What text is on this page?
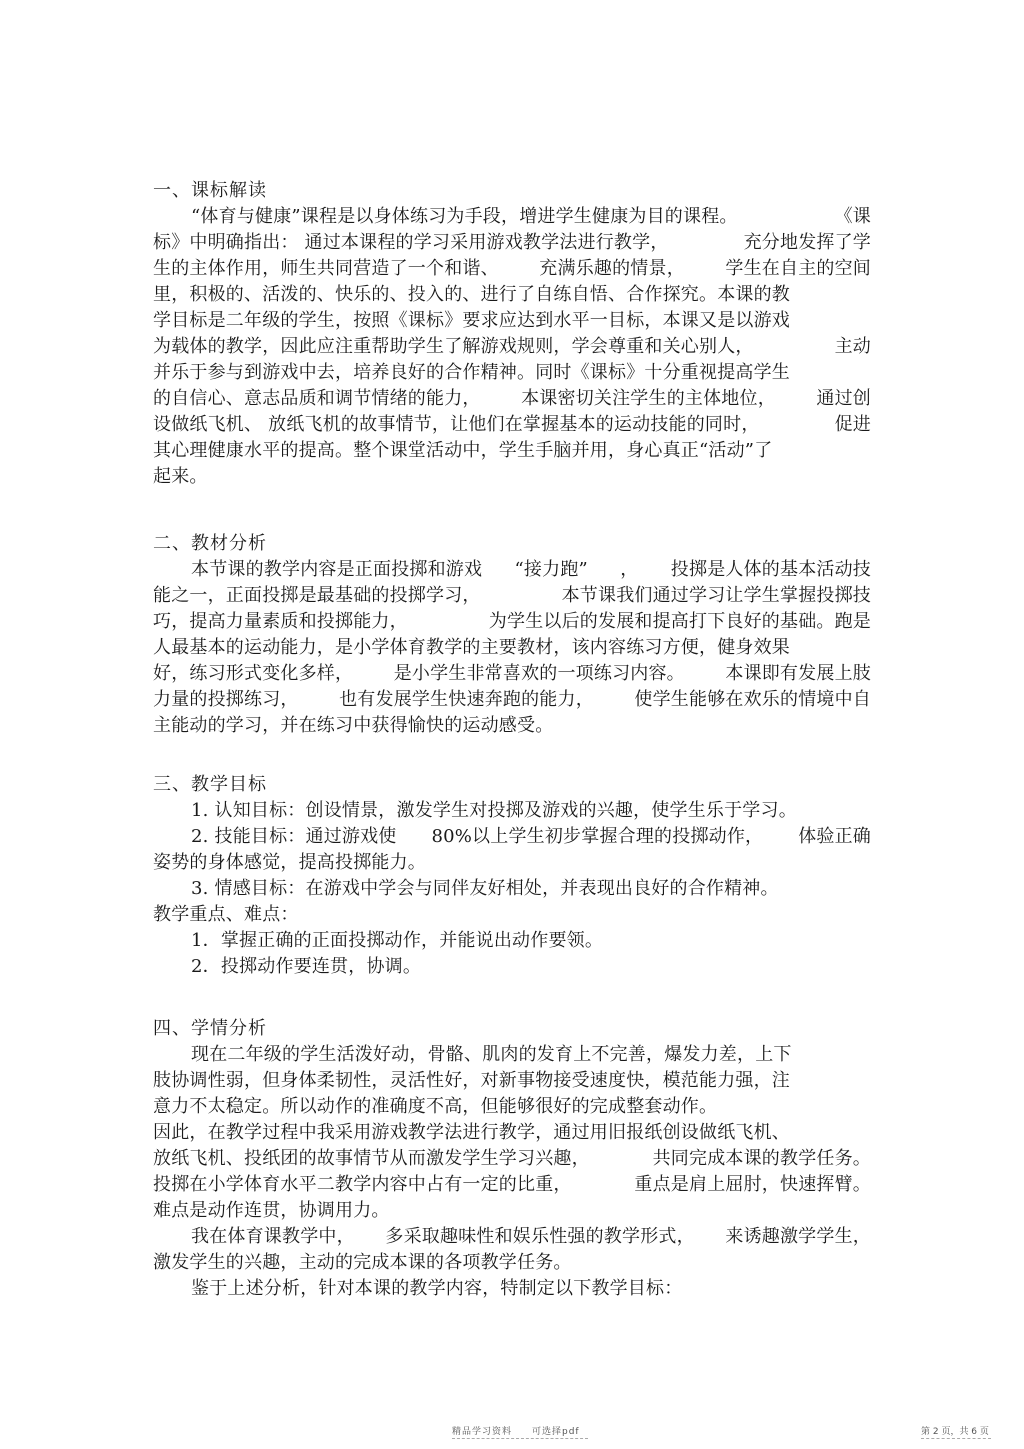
一、课标解读
“体育与健康”课程是以身体练习为手段，增进学生健康为目的课程。	《课
标》中明确指出： 通过本课程的学习采用游戏教学法进行教学，	充分地发挥了学
生的主体作用，师生共同营造了一个和谐、 充满乐趣的情景， 学生在自主的空间
里，积极的、活泼的、快乐的、投入的、进行了自练自悟、合作探究。本课的教
学目标是二年级的学生，按照《课标》要求应达到水平一目标，本课又是以游戏
为载体的教学，因此应注重帮助学生了解游戏规则，学会尊重和关心别人，	主动
并乐于参与到游戏中去，培养良好的合作精神。同时《课标》十分重视提高学生
的自信心、意志品质和调节情绪的能力， 本课密切关注学生的主体地位， 通过创
设做纸飞机、 放纸飞机的故事情节，让他们在掌握基本的运动技能的同时，	促进
其心理健康水平的提高。整个课堂活动中，学生手脑并用，身心真正“活动”了
起来。
二、教材分析
本节课的教学内容是正面投掷和游戏 “接力跑” ， 投掷是人体的基本活动技
能之一，正面投掷是最基础的投掷学习，	本节课我们通过学习让学生掌握投掷技
巧，提高力量素质和投掷能力，	为学生以后的发展和提高打下良好的基础。跑是
人最基本的运动能力，是小学体育教学的主要教材，该内容练习方便，健身效果
好，练习形式变化多样， 是小学生非常喜欢的一项练习内容。 本课即有发展上肢
力量的投掷练习， 也有发展学生快速奔跑的能力， 使学生能够在欢乐的情境中自
主能动的学习，并在练习中获得愉快的运动感受。
三、教学目标
1. 认知目标：创设情景，激发学生对投掷及游戏的兴趣，使学生乐于学习。
2. 技能目标：通过游戏使 80%以上学生初步掌握合理的投掷动作， 体验正确
姿势的身体感觉，提高投掷能力。
3. 情感目标：在游戏中学会与同伴友好相处，并表现出良好的合作精神。
教学重点、难点：
1．掌握正确的正面投掷动作，并能说出动作要领。
2．投掷动作要连贯，协调。
四、学情分析
现在二年级的学生活泼好动，骨骼、肌肉的发育上不完善，爆发力差，上下
肢协调性弱，但身体柔韧性，灵活性好，对新事物接受速度快，模范能力强，注
意力不太稳定。所以动作的准确度不高，但能够很好的完成整套动作。
因此，在教学过程中我采用游戏教学法进行教学，通过用旧报纸创设做纸飞机、
放纸飞机、投纸团的故事情节从而激发学生学习兴趣，	共同完成本课的教学任务。
投掷在小学体育水平二教学内容中占有一定的比重，	重点是肩上屈肘，快速挥臂。
难点是动作连贯，协调用力。
我在体育课教学中， 多采取趣味性和娱乐性强的教学形式， 来诱趣激学学生，
激发学生的兴趣，主动的完成本课的各项教学任务。
鉴于上述分析，针对本课的教学内容，特制定以下教学目标：
精品学习资料　　可选择pdf	第 2 页，共 6 页
